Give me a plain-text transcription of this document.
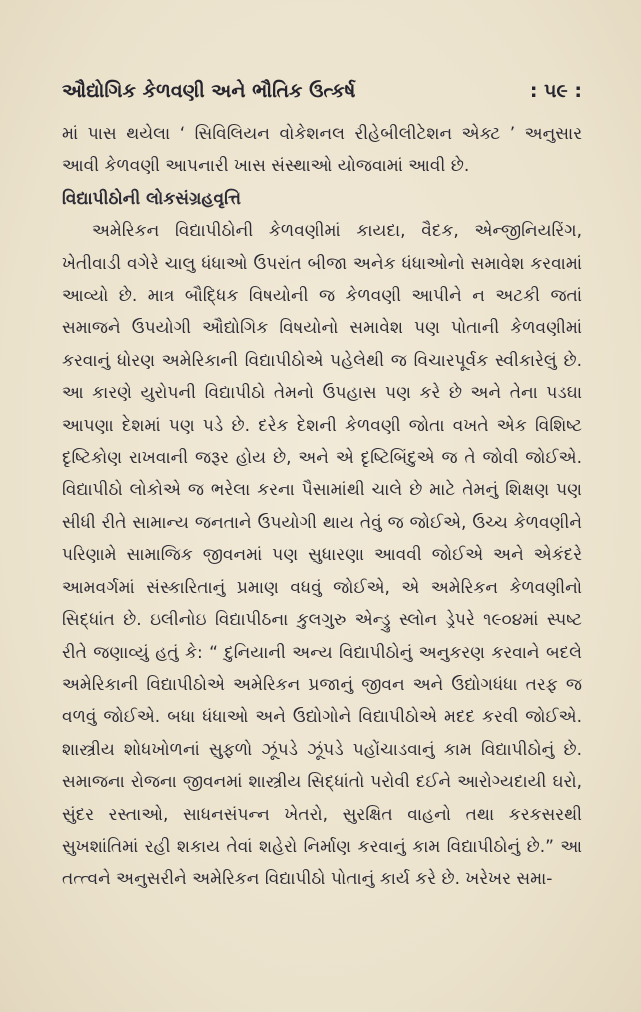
ઔદ્યોગિક કેળવણી અને ભૌતિક ઉત્કર્ષ	: ૫૯ :

માં પાસ થયેલા ‘ સિવિલિયન વોકેશનલ રીહેબીલીટેશન એક્ટ ’ અનુસાર આવી કેળવણી આપનારી ખાસ સંસ્થાઓ યોજવામાં આવી છે.

વિદ્યાપીઠોની લોકસંગ્રહવૃત્તિ

અમેરિકન વિદ્યાપીઠોની કેળવણીમાં કાયદા, વૈદક, એન્જીનિયરિંગ, ખેતીવાડી વગેરે ચાલુ ધંધાઓ ઉપરાંત બીજા અનેક ધંધાઓનો સમાવેશ કરવામાં આવ્યો છે. માત્ર બૌદ્ધિક વિષયોની જ કેળવણી આપીને ન અટકી જતાં સમાજને ઉપયોગી ઔદ્યોગિક વિષયોનો સમાવેશ પણ પોતાની કેળવણીમાં કરવાનું ધોરણ અમેરિકાની વિદ્યાપીઠોએ પહેલેથી જ વિચારપૂર્વક સ્વીકારેલું છે. આ કારણે યુરોપની વિદ્યાપીઠો તેમનો ઉપહાસ પણ કરે છે અને તેના પડઘા આપણા દેશમાં પણ પડે છે. દરેક દેશની કેળવણી જોતા વખતે એક વિશિષ્ટ દૃષ્ટિકોણ રાખવાની જરૂર હોય છે, અને એ દૃષ્ટિબિંદુએ જ તે જોવી જોઈએ. વિદ્યાપીઠો લોકોએ જ ભરેલા કરના પૈસામાંથી ચાલે છે માટે તેમનું શિક્ષણ પણ સીધી રીતે સામાન્ય જનતાને ઉપયોગી થાય તેવું જ જોઈએ, ઉચ્ચ કેળવણીને પરિણામે સામાજિક જીવનમાં પણ સુધારણા આવવી જોઈએ અને એકંદરે આમવર્ગમાં સંસ્કારિતાનું પ્રમાણ વધવું જોઈએ, એ અમેરિકન કેળવણીનો સિદ્ધાંત છે. ઇલીનોઇ વિદ્યાપીઠના કુલગુરુ એન્ડ્રુ સ્લોન ડ્રેપરે ૧૯૦૪માં સ્પષ્ટ રીતે જણાવ્યું હતું કે: “ દુનિયાની અન્ય વિદ્યાપીઠોનું અનુકરણ કરવાને બદલે અમેરિકાની વિદ્યાપીઠોએ અમેરિકન પ્રજાનું જીવન અને ઉદ્યોગધંધા તરફ જ વળવું જોઈએ. બધા ધંધાઓ અને ઉદ્યોગોને વિદ્યાપીઠોએ મદદ કરવી જોઈએ. શાસ્ત્રીય શોધખોળનાં સુફળો ઝૂંપડે ઝૂંપડે પહોંચાડવાનું કામ વિદ્યાપીઠોનું છે. સમાજના રોજના જીવનમાં શાસ્ત્રીય સિદ્ધાંતો પરોવી દઈને આરોગ્યદાયી ઘરો, સુંદર રસ્તાઓ, સાધનસંપન્ન ખેતરો, સુરક્ષિત વાહનો તથા કરકસરથી સુખશાંતિમાં રહી શકાય તેવાં શહેરો નિર્માણ કરવાનું કામ વિદ્યાપીઠોનું છે.” આ તત્ત્વને અનુસરીને અમેરિકન વિદ્યાપીઠો પોતાનું કાર્ય કરે છે. ખરેખર સમા-
